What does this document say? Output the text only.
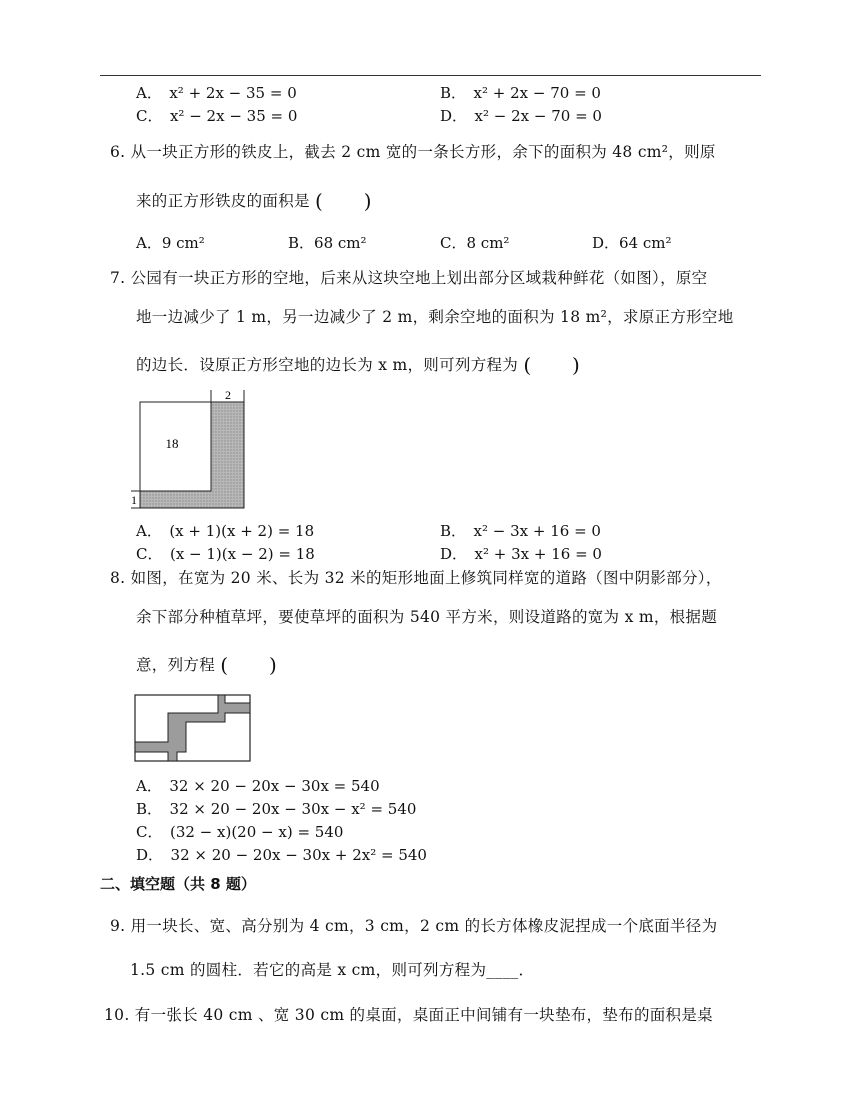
A．　x² + 2x − 35 = 0	B．　x² + 2x − 70 = 0
C．　x² − 2x − 35 = 0	D．　x² − 2x − 70 = 0
6. 从一块正方形的铁皮上，截去 2 cm 宽的一条长方形，余下的面积为 48 cm²，则原
来的正方形铁皮的面积是 (　　)
A．9 cm²	B．68 cm²	C．8 cm²	D．64 cm²
7. 公园有一块正方形的空地，后来从这块空地上划出部分区域栽种鲜花（如图），原空
地一边减少了 1 m，另一边减少了 2 m，剩余空地的面积为 18 m²，求原正方形空地
的边长．设原正方形空地的边长为 x m，则可列方程为 (　　)
18
2
1
A．　(x + 1)(x + 2) = 18	B．　x² − 3x + 16 = 0
C．　(x − 1)(x − 2) = 18	D．　x² + 3x + 16 = 0
8. 如图，在宽为 20 米、长为 32 米的矩形地面上修筑同样宽的道路（图中阴影部分），
余下部分种植草坪，要使草坪的面积为 540 平方米，则设道路的宽为 x m，根据题
意，列方程 (　　)
A．　32 × 20 − 20x − 30x = 540
B．　32 × 20 − 20x − 30x − x² = 540
C．　(32 − x)(20 − x) = 540
D．　32 × 20 − 20x − 30x + 2x² = 540
二、填空题（共 8 题）
9. 用一块长、宽、高分别为 4 cm，3 cm，2 cm 的长方体橡皮泥捏成一个底面半径为
1.5 cm 的圆柱．若它的高是 x cm，则可列方程为____．
10. 有一张长 40 cm 、宽 30 cm 的桌面，桌面正中间铺有一块垫布，垫布的面积是桌
